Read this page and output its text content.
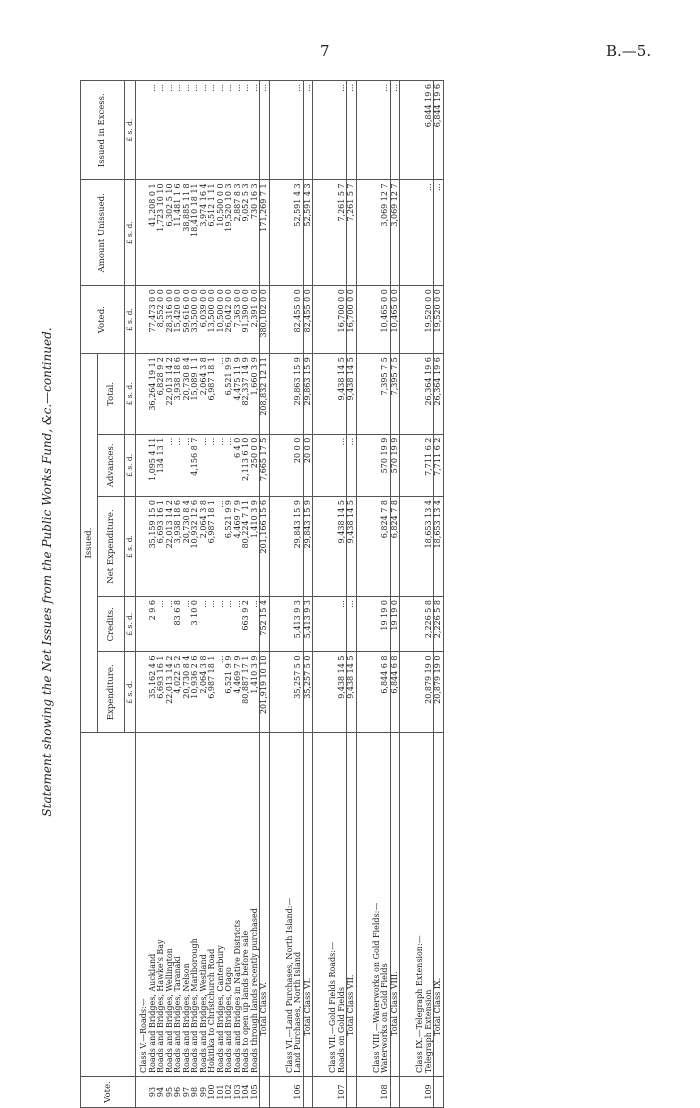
7	B.—5.
Statement showing the Net Issues from the Public Works Fund, &c.—continued.
Vote.		Issued.					Voted.	Amount Unissued.	Issued in Excess.
		Expenditure.	Credits.	Net Expenditure.	Advances.	Total.			
		£ s. d.	£ s. d.	£ s. d.	£ s. d.	£ s. d.	£ s. d.	£ s. d.	£ s. d.
	Class V.—Roads:—								
93	Roads and Bridges, Auckland	35,162 4 6	2 9 6	35,159 15 0	1,095 4 11	36,264 19 11	77,473 0 0	41,208 0 1	...
94	Roads and Bridges, Hawke's Bay	6,693 16 1	...	6,693 16 1	134 13 1	6,828 9 2	8,552 0 0	1,723 10 10	...
95	Roads and Bridges, Wellington	22,013 14 2	...	22,013 14 2	...	22,013 14 2	28,316 0 0	6,302 5 10	...
96	Roads and Bridges, Taranaki	4,022 5 2	83 6 8	3,938 18 6	...	3,938 18 6	15,420 0 0	11,481 1 6	...
97	Roads and Bridges, Nelson	20,730 8 4	...	20,730 8 4	...	20,730 8 4	59,616 0 0	38,885 11 8	...
98	Roads and Bridges, Marlborough	10,936 2 6	3 10 0	10,932 12 6	4,156 8 7	15,089 1 1	33,500 0 0	18,410 18 11	...
99	Roads and Bridges, Westland	2,064 3 8	...	2,064 3 8	...	2,064 3 8	6,039 0 0	3,974 16 4	...
100	Hokitika to Christchurch Road	6,987 18 1	...	6,987 18 1	...	6,987 18 1	13,500 0 0	6,512 1 11	...
101	Roads and Bridges, Canterbury	...	...	...	...	...	10,500 0 0	10,500 0 0	...
102	Roads and Bridges, Otago	6,521 9 9	...	6,521 9 9	...	6,521 9 9	26,042 0 0	19,520 10 3	...
103	Roads and Bridges in Native Districts	4,469 7 9	...	4,469 7 9	6 4 0	4,475 11 9	7,363 0 0	2,887 8 3	...
104	Roads to open up lands before sale	80,887 17 1	663 9 2	80,224 7 11	2,113 6 10	82,337 14 9	91,390 0 0	9,052 5 3	...
105	Roads through lands recently purchased	1,410 3 9	...	1,410 3 9	250 0 0	1,660 3 9	2,391 0 0	730 16 3	...
	Total Class V.	201,919 10 10	752 15 4	201,166 15 6	7,665 17 5	208,832 12 11	380,102 0 0	171,269 7 1	...

	Class VI.—Land Purchases, North Island:—								
106	Land Purchases, North Island	35,257 5 0	5,413 9 3	29,843 15 9	20 0 0	29,863 15 9	82,455 0 0	52,591 4 3	...
	Total Class VI.	35,257 5 0	5,413 9 3	29,843 15 9	20 0 0	29,863 15 9	82,455 0 0	52,591 4 3	...

	Class VII.—Gold Fields Roads:—								
107	Roads on Gold Fields	9,438 14 5	...	9,438 14 5	...	9,438 14 5	16,700 0 0	7,261 5 7	...
	Total Class VII.	9,438 14 5	...	9,438 14 5	...	9,438 14 5	16,700 0 0	7,261 5 7	...

	Class VIII.—Waterworks on Gold Fields:—								
108	Waterworks on Gold Fields	6,844 6 8	19 19 0	6,824 7 8	570 19 9	7,395 7 5	10,465 0 0	3,069 12 7	...
	Total Class VIII.	6,844 6 8	19 19 0	6,824 7 8	570 19 9	7,395 7 5	10,465 0 0	3,069 12 7	...

	Class IX.—Telegraph Extension:—								
109	Telegraph Extension	20,879 19 0	2,226 5 8	18,653 13 4	7,711 6 2	26,364 19 6	19,520 0 0	...	6,844 19 6
	Total Class IX.	20,879 19 0	2,226 5 8	18,653 13 4	7,711 6 2	26,364 19 6	19,520 0 0	...	6,844 19 6
